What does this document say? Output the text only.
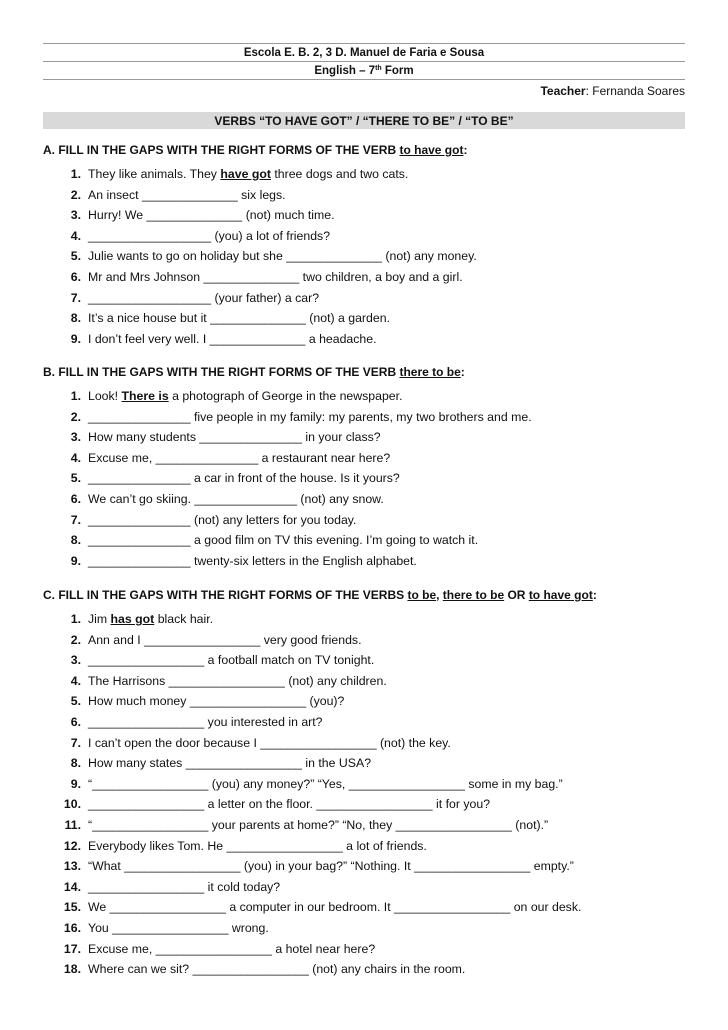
Escola E. B. 2, 3 D. Manuel de Faria e Sousa
English – 7th Form
Teacher: Fernanda Soares
VERBS “TO HAVE GOT” / “THERE TO BE” / “TO BE”
A. FILL IN THE GAPS WITH THE RIGHT FORMS OF THE VERB to have got:
1. They like animals. They have got three dogs and two cats.
2. An insect ______________ six legs.
3. Hurry! We ______________ (not) much time.
4. __________________ (you) a lot of friends?
5. Julie wants to go on holiday but she ______________ (not) any money.
6. Mr and Mrs Johnson ______________ two children, a boy and a girl.
7. __________________ (your father) a car?
8. It’s a nice house but it ______________ (not) a garden.
9. I don’t feel very well. I ______________ a headache.
B. FILL IN THE GAPS WITH THE RIGHT FORMS OF THE VERB there to be:
1. Look! There is a photograph of George in the newspaper.
2. _______________ five people in my family: my parents, my two brothers and me.
3. How many students _______________ in your class?
4. Excuse me, _______________ a restaurant near here?
5. _______________ a car in front of the house. Is it yours?
6. We can’t go skiing. _______________ (not) any snow.
7. _______________ (not) any letters for you today.
8. _______________ a good film on TV this evening. I’m going to watch it.
9. _______________ twenty-six letters in the English alphabet.
C. FILL IN THE GAPS WITH THE RIGHT FORMS OF THE VERBS to be, there to be OR to have got:
1. Jim has got black hair.
2. Ann and I _________________ very good friends.
3. _________________ a football match on TV tonight.
4. The Harrisons _________________ (not) any children.
5. How much money _________________ (you)?
6. _________________ you interested in art?
7. I can’t open the door because I _________________ (not) the key.
8. How many states _________________ in the USA?
9. “_________________ (you) any money?” “Yes, _________________ some in my bag.”
10. _________________ a letter on the floor. _________________ it for you?
11. “_________________ your parents at home?” “No, they _________________ (not).”
12. Everybody likes Tom. He _________________ a lot of friends.
13. “What _________________ (you) in your bag?” “Nothing. It _________________ empty.”
14. _________________ it cold today?
15. We _________________ a computer in our bedroom. It _________________ on our desk.
16. You _________________ wrong.
17. Excuse me, _________________ a hotel near here?
18. Where can we sit? _________________ (not) any chairs in the room.
